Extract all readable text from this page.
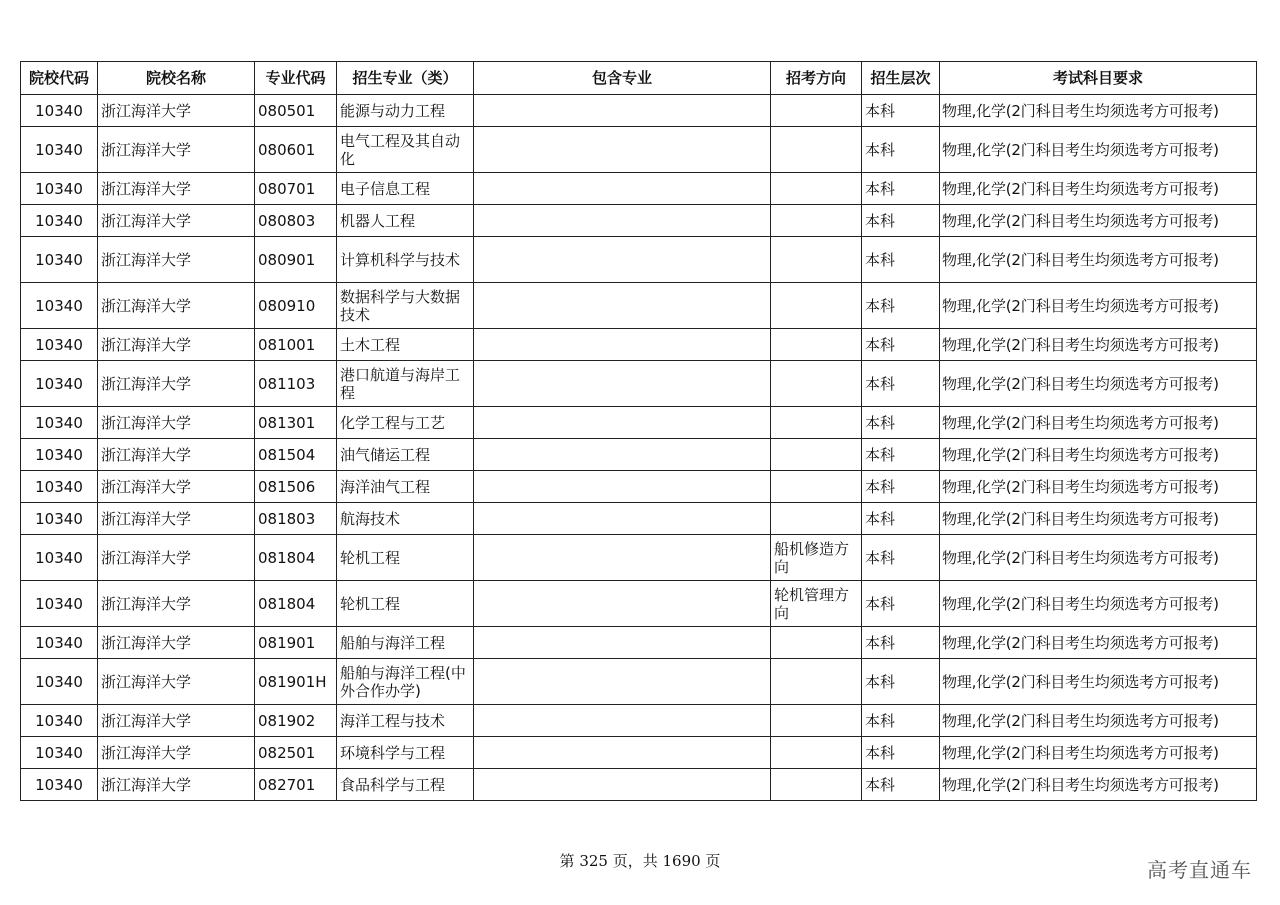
院校代码	院校名称	专业代码	招生专业（类）	包含专业	招考方向	招生层次	考试科目要求
10340	浙江海洋大学	080501	能源与动力工程			本科	物理,化学(2门科目考生均须选考方可报考)
10340	浙江海洋大学	080601	电气工程及其自动化			本科	物理,化学(2门科目考生均须选考方可报考)
10340	浙江海洋大学	080701	电子信息工程			本科	物理,化学(2门科目考生均须选考方可报考)
10340	浙江海洋大学	080803	机器人工程			本科	物理,化学(2门科目考生均须选考方可报考)
10340	浙江海洋大学	080901	计算机科学与技术			本科	物理,化学(2门科目考生均须选考方可报考)
10340	浙江海洋大学	080910	数据科学与大数据技术			本科	物理,化学(2门科目考生均须选考方可报考)
10340	浙江海洋大学	081001	土木工程			本科	物理,化学(2门科目考生均须选考方可报考)
10340	浙江海洋大学	081103	港口航道与海岸工程			本科	物理,化学(2门科目考生均须选考方可报考)
10340	浙江海洋大学	081301	化学工程与工艺			本科	物理,化学(2门科目考生均须选考方可报考)
10340	浙江海洋大学	081504	油气储运工程			本科	物理,化学(2门科目考生均须选考方可报考)
10340	浙江海洋大学	081506	海洋油气工程			本科	物理,化学(2门科目考生均须选考方可报考)
10340	浙江海洋大学	081803	航海技术			本科	物理,化学(2门科目考生均须选考方可报考)
10340	浙江海洋大学	081804	轮机工程		船机修造方向	本科	物理,化学(2门科目考生均须选考方可报考)
10340	浙江海洋大学	081804	轮机工程		轮机管理方向	本科	物理,化学(2门科目考生均须选考方可报考)
10340	浙江海洋大学	081901	船舶与海洋工程			本科	物理,化学(2门科目考生均须选考方可报考)
10340	浙江海洋大学	081901H	船舶与海洋工程(中外合作办学)			本科	物理,化学(2门科目考生均须选考方可报考)
10340	浙江海洋大学	081902	海洋工程与技术			本科	物理,化学(2门科目考生均须选考方可报考)
10340	浙江海洋大学	082501	环境科学与工程			本科	物理,化学(2门科目考生均须选考方可报考)
10340	浙江海洋大学	082701	食品科学与工程			本科	物理,化学(2门科目考生均须选考方可报考)
第 325 页，共 1690 页	高考直通车
